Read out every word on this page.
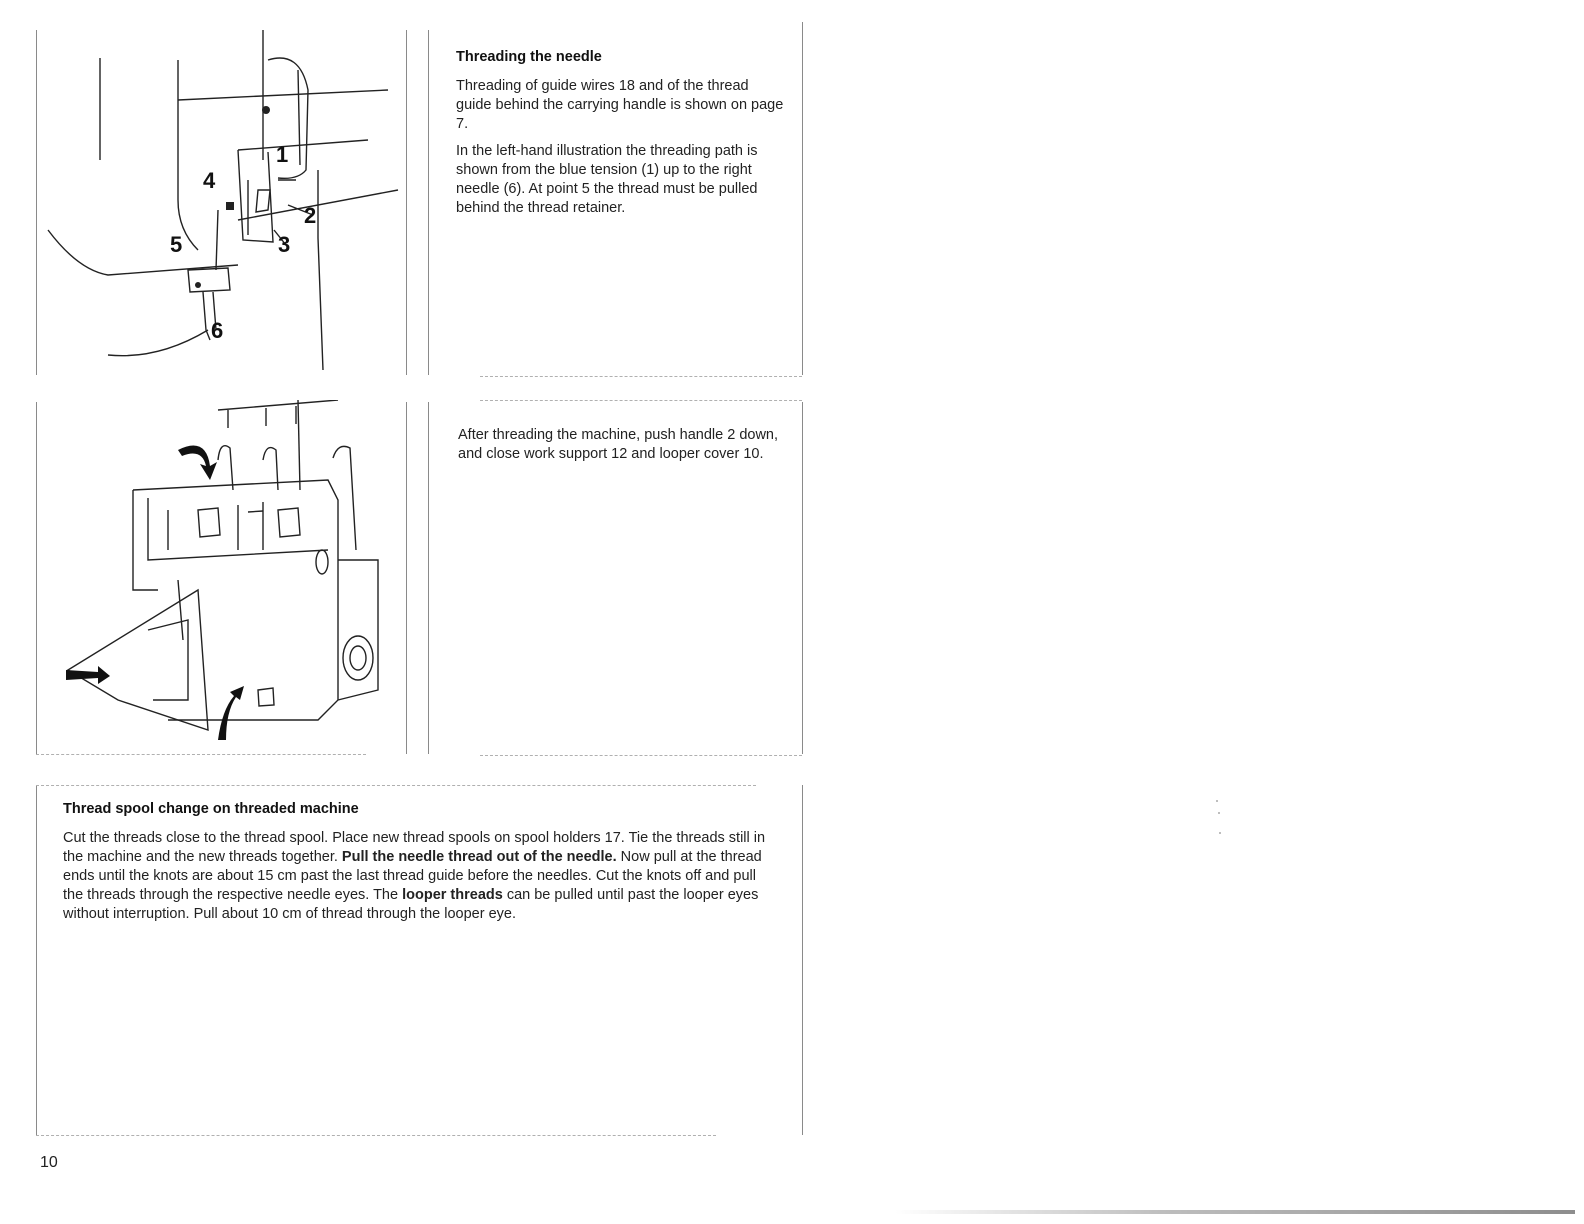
1
2
3
4
5
6
Threading the needle

Threading of guide wires 18 and of the thread guide behind the carrying handle is shown on page 7.

In the left-hand illustration the threading path is shown from the blue tension (1) up to the right needle (6). At point 5 the thread must be pulled behind the thread retainer.

After threading the machine, push handle 2 down, and close work support 12 and looper cover 10.

Thread spool change on threaded machine

Cut the threads close to the thread spool. Place new thread spools on spool holders 17. Tie the threads still in the machine and the new threads together. Pull the needle thread out of the needle. Now pull at the thread ends until the knots are about 15 cm past the last thread guide before the needles. Cut the knots off and pull the threads through the respective needle eyes. The looper threads can be pulled until past the looper eyes without interruption. Pull about 10 cm of thread through the looper eye.

10
